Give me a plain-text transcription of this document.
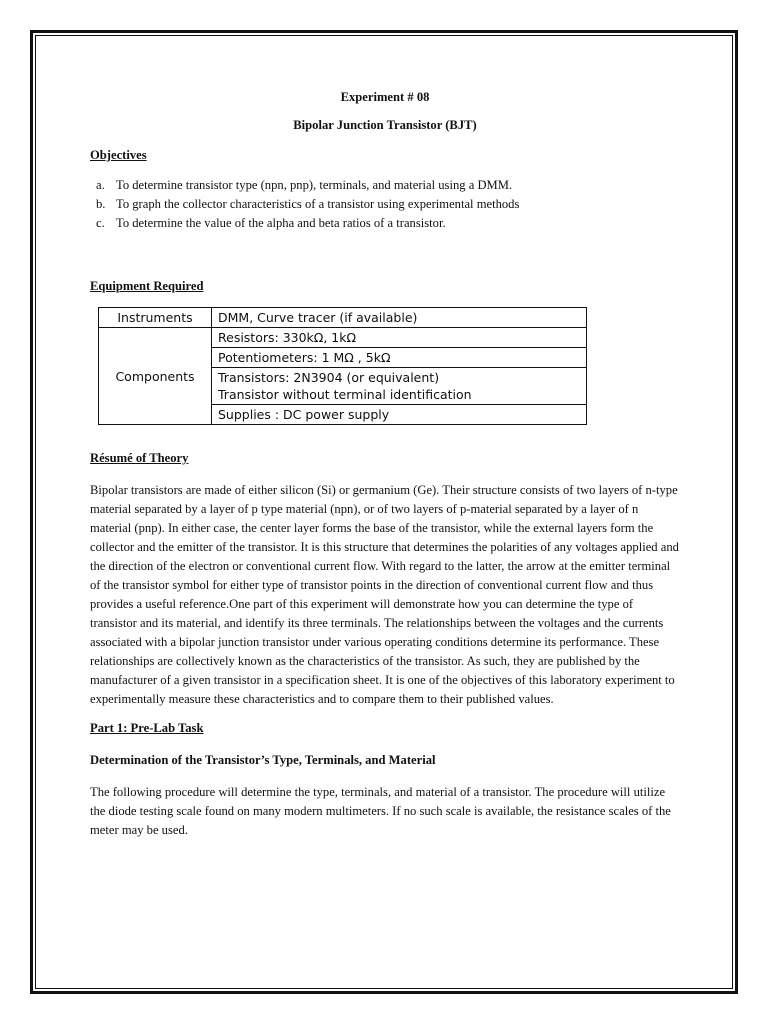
Experiment # 08
Bipolar Junction Transistor (BJT)
Objectives
a. To determine transistor type (npn, pnp), terminals, and material using a DMM.
b. To graph the collector characteristics of a transistor using experimental methods
c. To determine the value of the alpha and beta ratios of a transistor.
Equipment Required
Instruments	DMM, Curve tracer (if available)
Components	Resistors: 330kΩ, 1kΩ
	Potentiometers: 1 MΩ , 5kΩ

	Transistors: 2N3904 (or equivalent)
Transistor without terminal identification

	Supplies : DC power supply
Résumé of Theory

Bipolar transistors are made of either silicon (Si) or germanium (Ge). Their structure consists of two layers of n-type material separated by a layer of p type material (npn), or of two layers of p-material separated by a layer of n material (pnp). In either case, the center layer forms the base of the transistor, while the external layers form the collector and the emitter of the transistor. It is this structure that determines the polarities of any voltages applied and the direction of the electron or conventional current flow. With regard to the latter, the arrow at the emitter terminal of the transistor symbol for either type of transistor points in the direction of conventional current flow and thus provides a useful reference.One part of this experiment will demonstrate how you can determine the type of transistor and its material, and identify its three terminals. The relationships between the voltages and the currents associated with a bipolar junction transistor under various operating conditions determine its performance. These relationships are collectively known as the characteristics of the transistor. As such, they are published by the manufacturer of a given transistor in a specification sheet. It is one of the objectives of this laboratory experiment to experimentally measure these characteristics and to compare them to their published values.

Part 1: Pre-Lab Task
Determination of the Transistor’s Type, Terminals, and Material

The following procedure will determine the type, terminals, and material of a transistor. The procedure will utilize the diode testing scale found on many modern multimeters. If no such scale is available, the resistance scales of the meter may be used.
